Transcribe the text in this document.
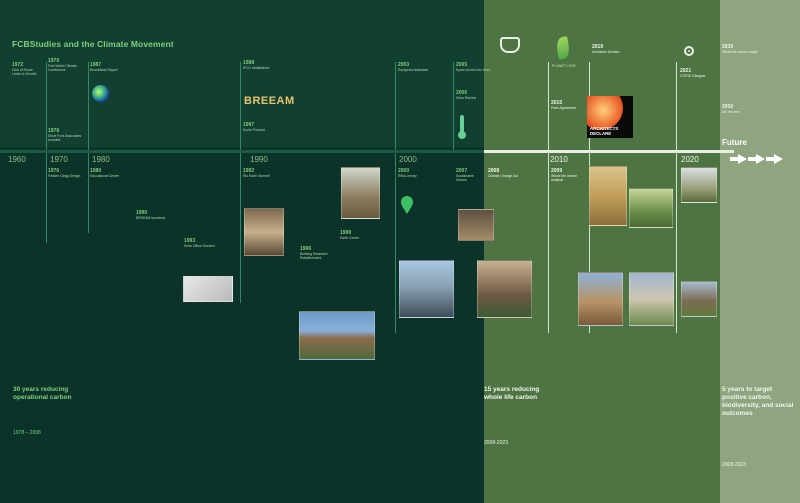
FCBStudies and the Climate Movement
1960	1970	1980	1990	2000	2010	2020
Future
1972
Club of Rome Limits to Growth
1979
First World Climate Conference
1978
Short Ford Associates founded
1987
Brundtland Report
1988
IPCC established
1997
Kyoto Protocol
2003
European heatwave
2005
Kyoto comes into force
2006
Stern Review
2015
Paris Agreement
2019
Architects Declare
2021
COP26 Glasgow
2030
Whole life carbon target
2050
UK net zero
1976
Fielden Clegg Design
1980
Educational Centre
1990
BREEAM launched
1993
Solar Office Duxford
1992
Rio Earth Summit
1996
Building Research Establishment
1999
Earth Centre
2000
RIBA Jersey
2007
Sustainable Homes
2008
Climate Change Act
2009
Whole life carbon analysis
BREEAM
PLANET LOVE
ARCHITECTS
DECLARE
30 years reducing operational carbon
1978 – 2008
15 years reducing whole life carbon
2008-2023
5 years to target positive carbon, biodiversity, and social outcomes
2008-2023
